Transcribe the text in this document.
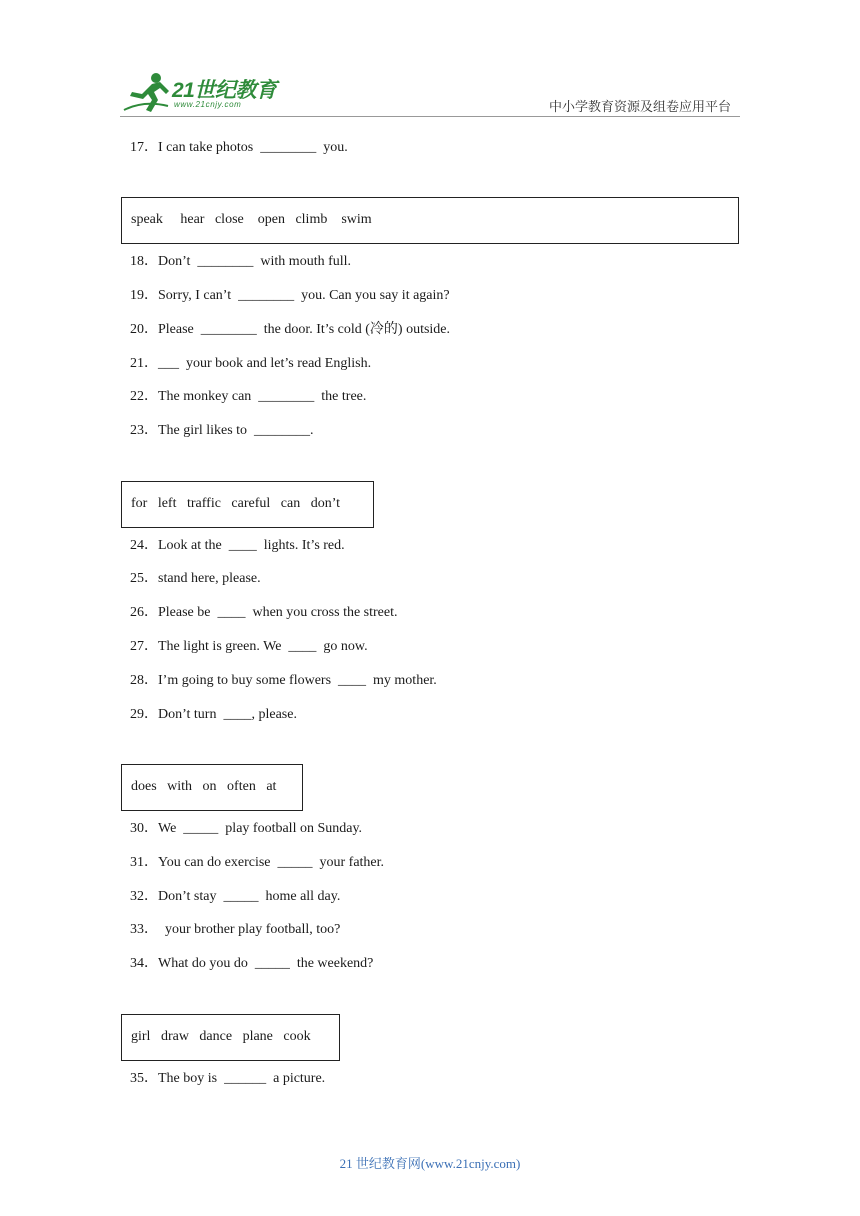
21世纪教育
www.21cnjy.com	中小学教育资源及组卷应用平台
17．I can take photos  ________  you.
speak     hear   close    open   climb    swim
18．Don’t  ________  with mouth full.
19．Sorry, I can’t  ________  you. Can you say it again?
20．Please  ________  the door. It’s cold (冷的) outside.
21．___  your book and let’s read English.
22．The monkey can  ________  the tree.
23．The girl likes to  ________.
for   left   traffic   careful   can   don’t
24．Look at the  ____  lights. It’s red.
25．stand here, please.
26．Please be  ____  when you cross the street.
27．The light is green. We  ____  go now.
28．I’m going to buy some flowers  ____  my mother.
29．Don’t turn  ____, please.
does   with   on   often   at
30．We  _____  play football on Sunday.
31．You can do exercise  _____  your father.
32．Don’t stay  _____  home all day.
33．  your brother play football, too?
34．What do you do  _____  the weekend?
girl   draw   dance   plane   cook
35．The boy is  ______  a picture.
21 世纪教育网(www.21cnjy.com)
